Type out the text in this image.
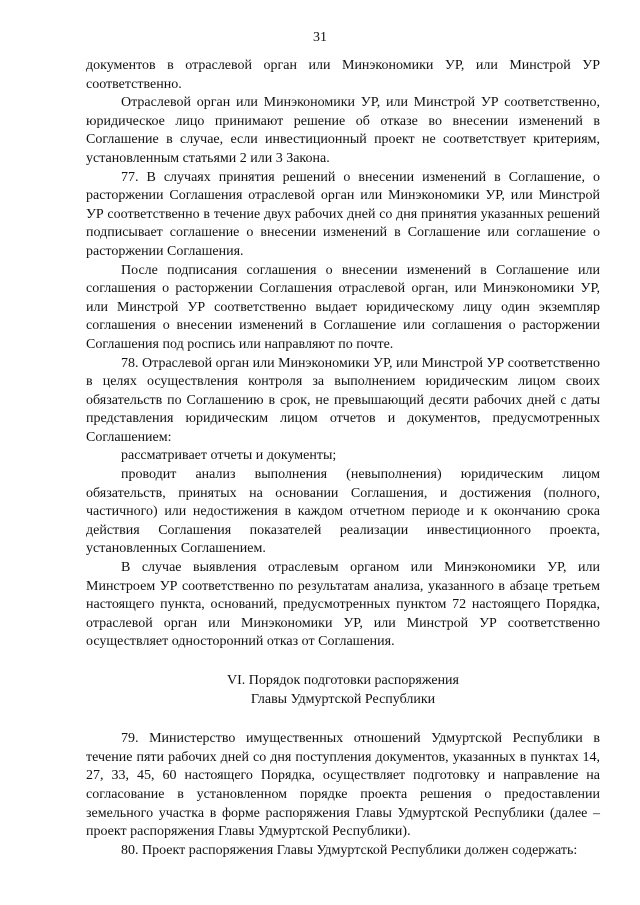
31

документов в отраслевой орган или Минэкономики УР, или Минстрой УР соответственно.

Отраслевой орган или Минэкономики УР, или Минстрой УР соответственно, юридическое лицо принимают решение об отказе во внесении изменений в Соглашение в случае, если инвестиционный проект не соответствует критериям, установленным статьями 2 или 3 Закона.

77. В случаях принятия решений о внесении изменений в Соглашение, о расторжении Соглашения отраслевой орган или Минэкономики УР, или Минстрой УР соответственно в течение двух рабочих дней со дня принятия указанных решений подписывает соглашение о внесении изменений в Соглашение или соглашение о расторжении Соглашения.

После подписания соглашения о внесении изменений в Соглашение или соглашения о расторжении Соглашения отраслевой орган, или Минэкономики УР, или Минстрой УР соответственно выдает юридическому лицу один экземпляр соглашения о внесении изменений в Соглашение или соглашения о расторжении Соглашения под роспись или направляют по почте.

78. Отраслевой орган или Минэкономики УР, или Минстрой УР соответственно в целях осуществления контроля за выполнением юридическим лицом своих обязательств по Соглашению в срок, не превышающий десяти рабочих дней с даты представления юридическим лицом отчетов и документов, предусмотренных Соглашением:

рассматривает отчеты и документы;

проводит анализ выполнения (невыполнения) юридическим лицом обязательств, принятых на основании Соглашения, и достижения (полного, частичного) или недостижения в каждом отчетном периоде и к окончанию срока действия Соглашения показателей реализации инвестиционного проекта, установленных Соглашением.

В случае выявления отраслевым органом или Минэкономики УР, или Минстроем УР соответственно по результатам анализа, указанного в абзаце третьем настоящего пункта, оснований, предусмотренных пунктом 72 настоящего Порядка, отраслевой орган или Минэкономики УР, или Минстрой УР соответственно осуществляет односторонний отказ от Соглашения.

VI. Порядок подготовки распоряжения
Главы Удмуртской Республики

79. Министерство имущественных отношений Удмуртской Республики в течение пяти рабочих дней со дня поступления документов, указанных в пунктах 14, 27, 33, 45, 60 настоящего Порядка, осуществляет подготовку и направление на согласование в установленном порядке проекта решения о предоставлении земельного участка в форме распоряжения Главы Удмуртской Республики (далее – проект распоряжения Главы Удмуртской Республики).

80. Проект распоряжения Главы Удмуртской Республики должен содержать:
